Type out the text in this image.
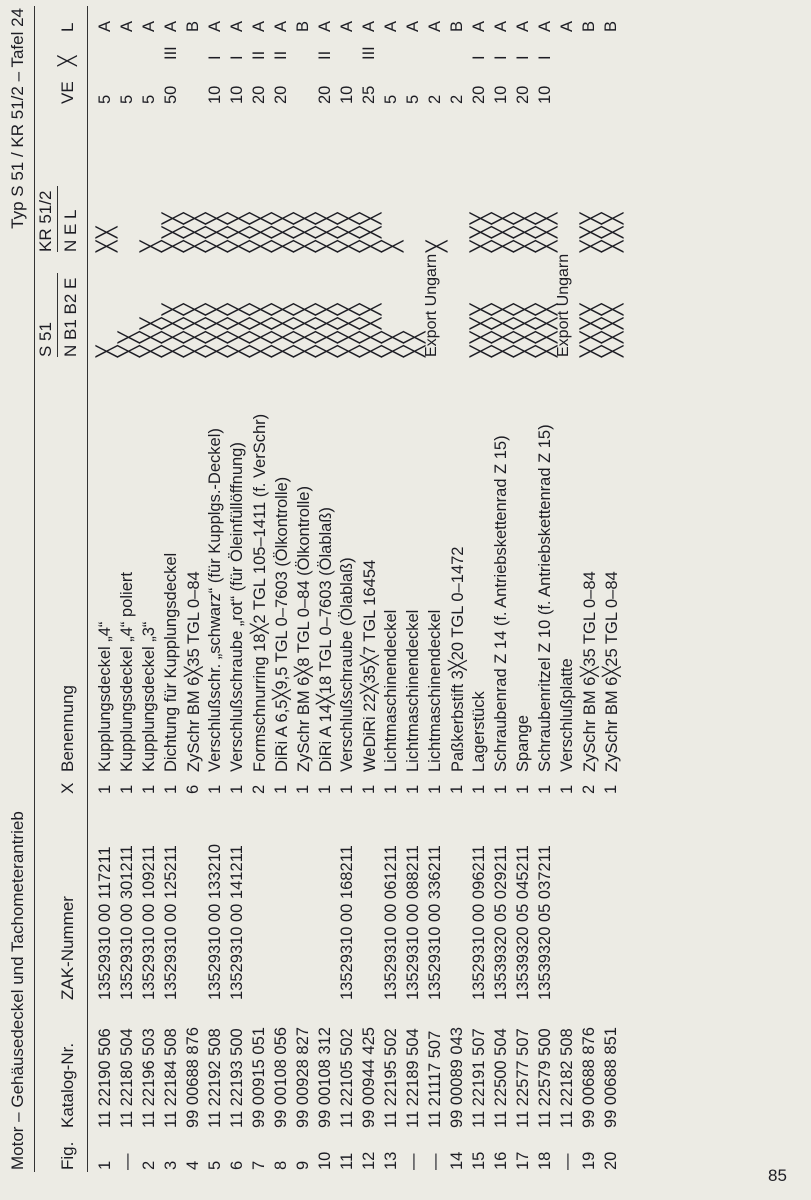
Motor – Gehäusedeckel und Tachometerantrieb
Typ S 51 / KR 51/2 – Tafel 24
Fig.
Katalog-Nr.
ZAK-Nummer
X
Benennung
S 51 N B1 B2 E
KR 51/2 N E L
VE
╳
L
1
11 22190 506
13529310 00 117211
1
Kupplungsdeckel „4“
5
A
╳
╳╳
—
11 22180 504
13529310 00 301211
1
Kupplungsdeckel „4“ poliert
5
A
╳╳
2
11 22196 503
13529310 00 109211
1
Kupplungsdeckel „3“
5
A
╳╳╳
╳
3
11 22184 508
13529310 00 125211
1
Dichtung für Kupplungsdeckel
50
III
A
╳╳╳╳
╳╳╳
4
99 00688 876
6
ZySchr BM 6╳35 TGL 0–84
B
╳╳╳╳
╳╳╳
5
11 22192 508
13529310 00 133210
1
Verschlußschr. „schwarz“ (für Kupplgs.-Deckel)
10
I
A
╳╳╳╳
╳╳╳
6
11 22193 500
13529310 00 141211
1
Verschlußschraube „rot“ (für Öleinfüllöffnung)
10
I
A
╳╳╳╳
╳╳╳
7
99 00915 051
2
Formschnurring 18╳2 TGL 105–1411 (f. VerSchr)
20
II
A
╳╳╳╳
╳╳╳
8
99 00108 056
1
DiRi A 6,5╳9,5 TGL 0–7603 (Ölkontrolle)
20
II
A
╳╳╳╳
╳╳╳
9
99 00928 827
1
ZySchr BM 6╳8 TGL 0–84 (Ölkontrolle)
B
╳╳╳╳
╳╳╳
10
99 00108 312
1
DiRi A 14╳18 TGL 0–7603 (Ölablaß)
20
II
A
╳╳╳╳
╳╳╳
11
11 22105 502
13529310 00 168211
1
Verschlußschraube (Ölablaß)
10
A
╳╳╳╳
╳╳╳
12
99 00944 425
1
WeDiRi 22╳35╳7 TGL 16454
25
III
A
╳╳╳╳
╳╳╳
13
11 22195 502
13529310 00 061211
1
Lichtmaschinendeckel
5
A
╳╳
╳
—
11 22189 504
13529310 00 088211
1
Lichtmaschinendeckel
5
A
╳╳
—
11 21117 507
13529310 00 336211
1
Lichtmaschinendeckel
2
A
╳
14
99 00089 043
1
Paßkerbstift 3╳20 TGL 0–1472
2
B
15
11 22191 507
13529310 00 096211
1
Lagerstück
20
I
A
╳╳╳╳
╳╳╳
16
11 22500 504
13539320 05 029211
1
Schraubenrad Z 14 (f. Antriebskettenrad Z 15)
10
I
A
╳╳╳╳
╳╳╳
17
11 22577 507
13539320 05 045211
1
Spange
20
I
A
╳╳╳╳
╳╳╳
18
11 22579 500
13539320 05 037211
1
Schraubenritzel Z 10 (f. Antriebskettenrad Z 15)
10
I
A
╳╳╳╳
╳╳╳
—
11 22182 508
1
Verschlußplatte
A
19
99 00688 876
2
ZySchr BM 6╳35 TGL 0–84
B
╳╳╳╳
╳╳╳
20
99 00688 851
1
ZySchr BM 6╳25 TGL 0–84
B
╳╳╳╳
╳╳╳
Export Ungarn	Export Ungarn
85
